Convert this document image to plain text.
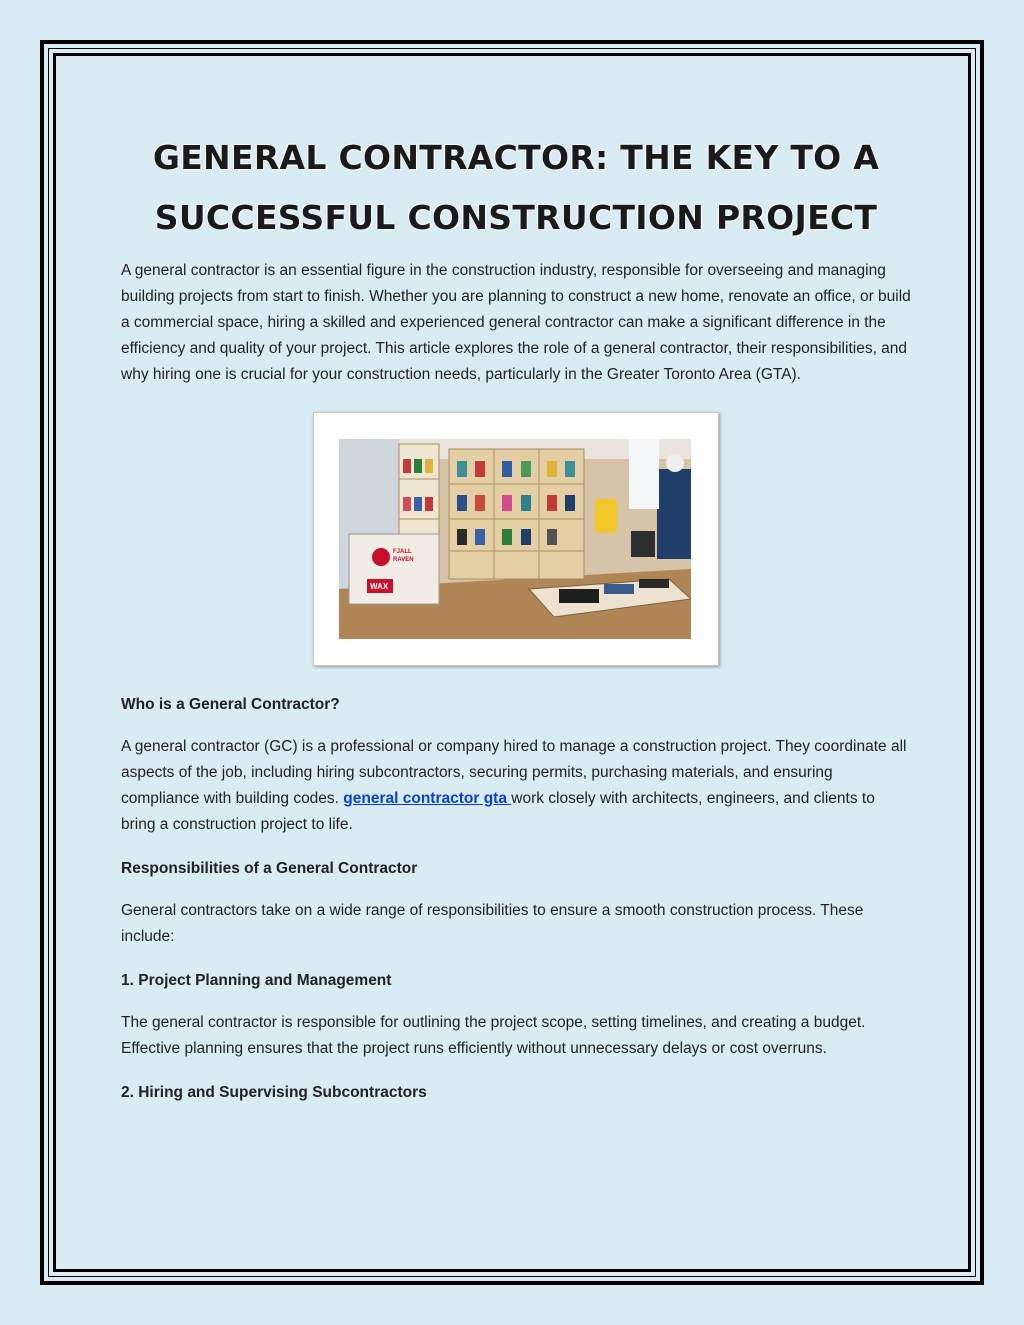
GENERAL CONTRACTOR: THE KEY TO A SUCCESSFUL CONSTRUCTION PROJECT

A general contractor is an essential figure in the construction industry, responsible for overseeing and managing building projects from start to finish. Whether you are planning to construct a new home, renovate an office, or build a commercial space, hiring a skilled and experienced general contractor can make a significant difference in the efficiency and quality of your project. This article explores the role of a general contractor, their responsibilities, and why hiring one is crucial for your construction needs, particularly in the Greater Toronto Area (GTA).

FJALL
RAVEN
WAX

Who is a General Contractor?

A general contractor (GC) is a professional or company hired to manage a construction project. They coordinate all aspects of the job, including hiring subcontractors, securing permits, purchasing materials, and ensuring compliance with building codes. general contractor gta work closely with architects, engineers, and clients to bring a construction project to life.

Responsibilities of a General Contractor

General contractors take on a wide range of responsibilities to ensure a smooth construction process. These include:

1. Project Planning and Management

The general contractor is responsible for outlining the project scope, setting timelines, and creating a budget. Effective planning ensures that the project runs efficiently without unnecessary delays or cost overruns.

2. Hiring and Supervising Subcontractors
